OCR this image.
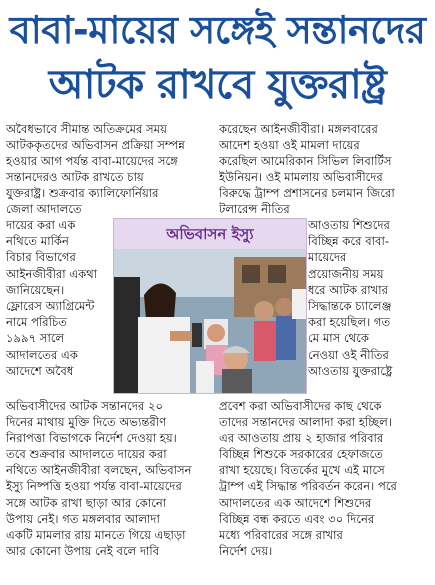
বাবা-মায়ের সঙ্গেই সন্তানদের
আটক রাখবে যুক্তরাষ্ট্র
অবৈধভাবে সীমান্ত অতিক্রমের সময়
আটককৃতদের অভিবাসন প্রক্রিয়া সম্পন্ন
হওয়ার আগ পর্যন্ত বাবা-মায়েদের সঙ্গে
সন্তানদেরও আটক রাখতে চায়
যুক্তরাষ্ট্র। শুক্রবার ক্যালিফোর্নিয়ার
জেলা আদালতে
করেছেন আইনজীবীরা। মঙ্গলবারের
আদেশ হওয়া ওই মামলা দায়ের
করেছিল আমেরিকান সিভিল লিবার্টিস
ইউনিয়ন। ওই মামলায় অভিবাসীদের
বিরুদ্ধে ট্রাম্প প্রশাসনের চলমান জিরো
টলারেন্স নীতির
দায়ের করা এক
নথিতে মার্কিন
বিচার বিভাগের
আইনজীবীরা একথা
জানিয়েছেন।
ফ্লোরেস অ্যাগ্রিমেন্ট
নামে পরিচিত
১৯৯৭ সালে
আদালতের এক
আদেশে অবৈধ
অভিবাসন ইস্যু	আওতায় শিশুদের
বিচ্ছিন্ন করে বাবা-
মায়েদের
প্রয়োজনীয় সময়
ধরে আটক রাখার
সিদ্ধান্তকে চ্যালেঞ্জ
করা হয়েছিল। গত
মে মাস থেকে
নেওয়া ওই নীতির
আওতায় যুক্তরাষ্ট্রে
অভিবাসীদের আটক সন্তানদের ২০
দিনের মাথায় মুক্তি দিতে অভ্যন্তরীণ
নিরাপত্তা বিভাগকে নির্দেশ দেওয়া হয়।
তবে শুক্রবার আদালতে দায়ের করা
নথিতে আইনজীবীরা বলছেন, অভিবাসন
ইস্যু নিষ্পত্তি হওয়া পর্যন্ত বাবা-মায়েদের
সঙ্গে আটক রাখা ছাড়া আর কোনো
উপায় নেই। গত মঙ্গলবার আলাদা
একটি মামলার রায় মানতে গিয়ে এছাড়া
আর কোনো উপায় নেই বলে দাবি
প্রবেশ করা অভিবাসীদের কাছ থেকে
তাদের সন্তানদের আলাদা করা হচ্ছিল।
এর আওতায় প্রায় ২ হাজার পরিবার
বিচ্ছিন্ন শিশুকে সরকারের হেফাজতে
রাখা হয়েছে। বিতর্কের মুখে এই মাসে
ট্রাম্প এই সিদ্ধান্ত পরিবর্তন করেন। পরে
আদালতের এক আদেশে শিশুদের
বিচ্ছিন্ন বন্ধ করতে এবং ৩০ দিনের
মধ্যে পরিবারের সঙ্গে রাখার
নির্দেশ দেয়।
